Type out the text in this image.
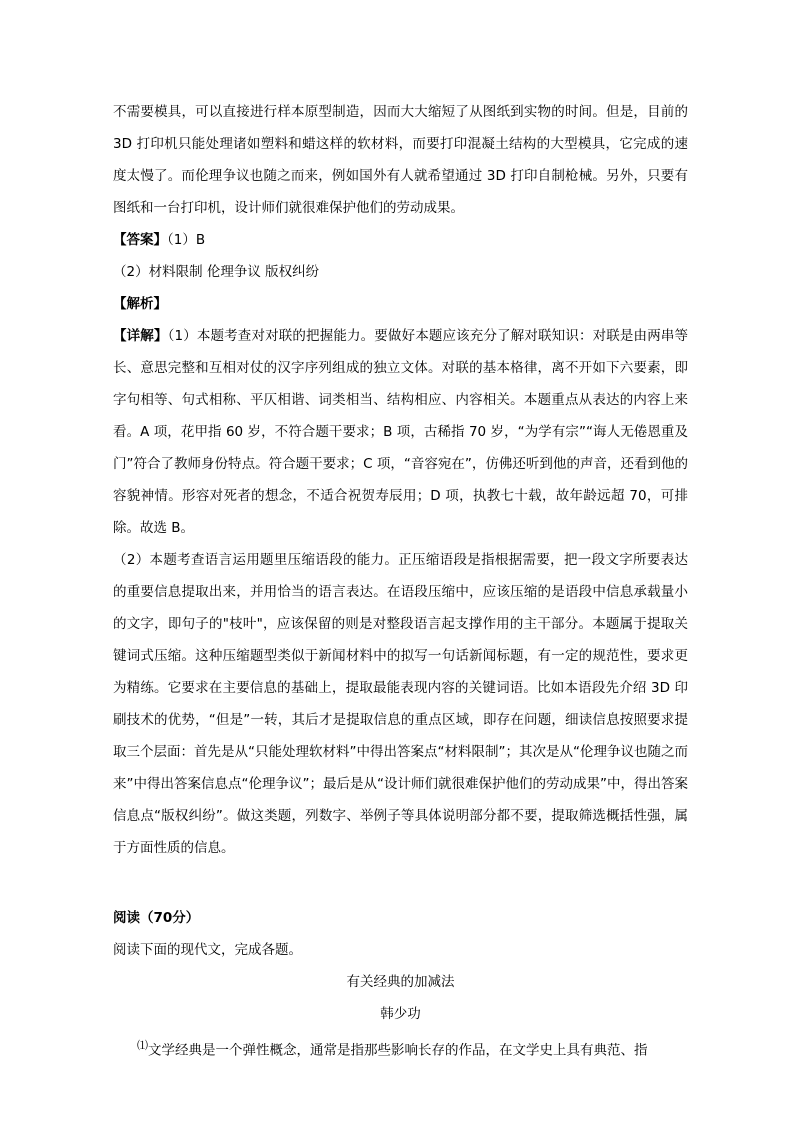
不需要模具，可以直接进行样本原型制造，因而大大缩短了从图纸到实物的时间。但是，目前的 3D 打印机只能处理诸如塑料和蜡这样的软材料，而要打印混凝土结构的大型模具，它完成的速度太慢了。而伦理争议也随之而来，例如国外有人就希望通过 3D 打印自制枪械。另外，只要有图纸和一台打印机，设计师们就很难保护他们的劳动成果。

【答案】（1）B

（2）材料限制 伦理争议 版权纠纷

【解析】

【详解】（1）本题考查对对联的把握能力。要做好本题应该充分了解对联知识：对联是由两串等长、意思完整和互相对仗的汉字序列组成的独立文体。对联的基本格律，离不开如下六要素，即字句相等、句式相称、平仄相谐、词类相当、结构相应、内容相关。本题重点从表达的内容上来看。A 项，花甲指 60 岁，不符合题干要求；B 项，古稀指 70 岁，“为学有宗”“诲人无倦恩重及门”符合了教师身份特点。符合题干要求；C 项，“音容宛在”，仿佛还听到他的声音，还看到他的容貌神情。形容对死者的想念，不适合祝贺寿辰用；D 项，执教七十载，故年龄远超 70，可排除。故选 B。

（2）本题考查语言运用题里压缩语段的能力。正压缩语段是指根据需要，把一段文字所要表达的重要信息提取出来，并用恰当的语言表达。在语段压缩中，应该压缩的是语段中信息承载量小的文字，即句子的"枝叶"，应该保留的则是对整段语言起支撑作用的主干部分。本题属于提取关键词式压缩。这种压缩题型类似于新闻材料中的拟写一句话新闻标题，有一定的规范性，要求更为精练。它要求在主要信息的基础上，提取最能表现内容的关键词语。比如本语段先介绍 3D 印刷技术的优势，“但是”一转，其后才是提取信息的重点区域，即存在问题，细读信息按照要求提取三个层面：首先是从“只能处理软材料”中得出答案点“材料限制”；其次是从“伦理争议也随之而来”中得出答案信息点“伦理争议”；最后是从“设计师们就很难保护他们的劳动成果”中，得出答案信息点“版权纠纷”。做这类题，列数字、举例子等具体说明部分都不要，提取筛选概括性强，属于方面性质的信息。

阅读（70分）

阅读下面的现代文，完成各题。

有关经典的加减法

韩少功

⑴文学经典是一个弹性概念，通常是指那些影响长存的作品，在文学史上具有典范、指
